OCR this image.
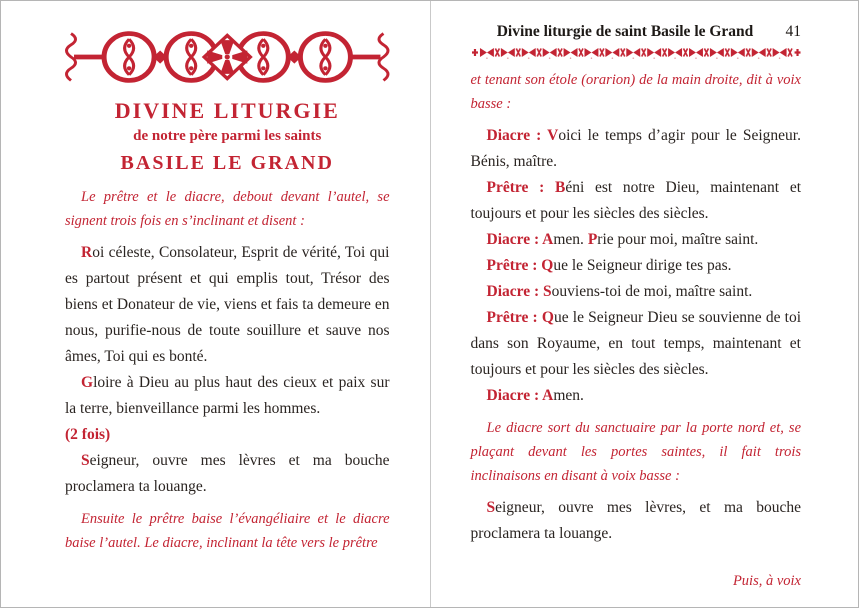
DIVINE LITURGIE
de notre père parmi les saints
BASILE LE GRAND

Le prêtre et le diacre, debout devant l’autel, se signent trois fois en s’inclinant et disent :

Roi céleste, Consolateur, Esprit de vérité, Toi qui es partout présent et qui emplis tout, Trésor des biens et Donateur de vie, viens et fais ta demeure en nous, purifie-nous de toute souillure et sauve nos âmes, Toi qui es bonté.

Gloire à Dieu au plus haut des cieux et paix sur la terre, bienveillance parmi les hommes.

(2 fois)

Seigneur, ouvre mes lèvres et ma bouche proclamera ta louange.

Ensuite le prêtre baise l’évangéliaire et le diacre baise l’autel. Le diacre, inclinant la tête vers le prêtre

Divine liturgie de saint Basile le Grand	41

et tenant son étole (orarion) de la main droite, dit à voix basse :

Diacre : Voici le temps d’agir pour le Seigneur. Bénis, maître.

Prêtre : Béni est notre Dieu, maintenant et toujours et pour les siècles des siècles.

Diacre : Amen. Prie pour moi, maître saint.

Prêtre : Que le Seigneur dirige tes pas.

Diacre : Souviens-toi de moi, maître saint.

Prêtre : Que le Seigneur Dieu se souvienne de toi dans son Royaume, en tout temps, maintenant et toujours et pour les siècles des siècles.

Diacre : Amen.

Le diacre sort du sanctuaire par la porte nord et, se plaçant devant les portes saintes, il fait trois inclinaisons en disant à voix basse :

Seigneur, ouvre mes lèvres, et ma bouche proclamera ta louange.

Puis, à voix
